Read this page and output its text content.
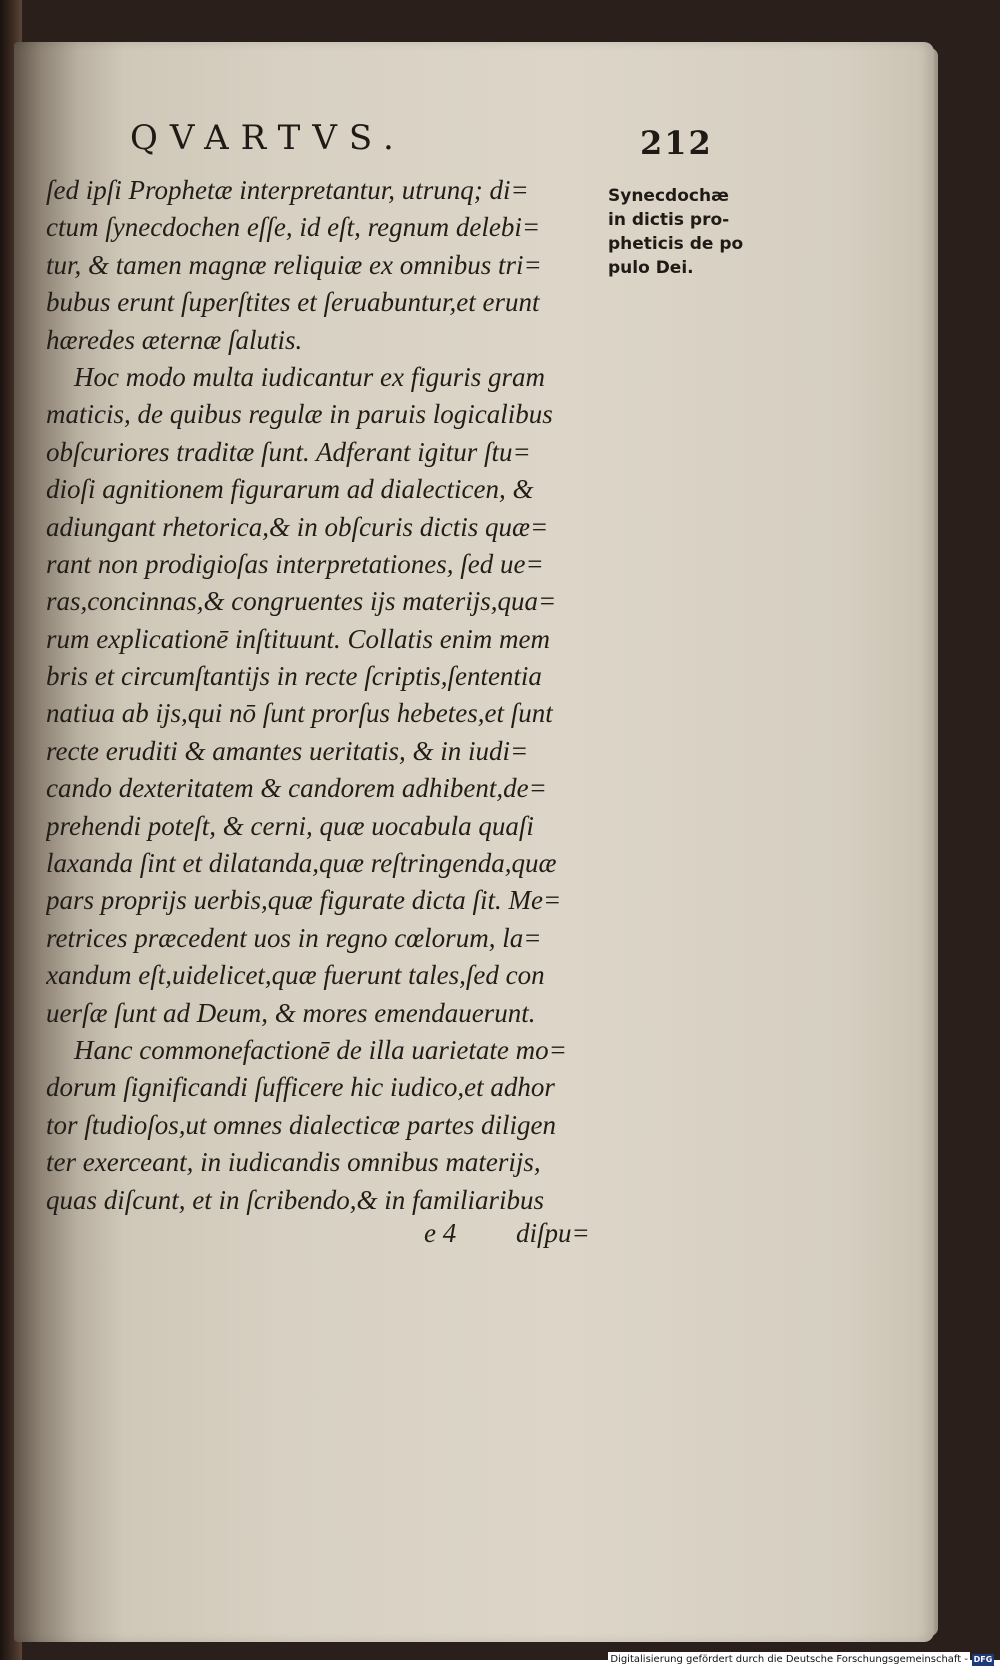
QVARTVS.	212
ſed ipſi Prophetæ interpretantur, utrunq; di=
ctum ſynecdochen eſſe, id eſt, regnum delebi=
tur, & tamen magnæ reliquiæ ex omnibus tri=
bubus erunt ſuperſtites et ſeruabuntur,et erunt
hæredes æternæ ſalutis.
Hoc modo multa iudicantur ex figuris gram
maticis, de quibus regulæ in paruis logicalibus
obſcuriores traditæ ſunt. Adferant igitur ſtu=
dioſi agnitionem figurarum ad dialecticen, &
adiungant rhetorica,& in obſcuris dictis quæ=
rant non prodigioſas interpretationes, ſed ue=
ras,concinnas,& congruentes ijs materijs,qua=
rum explicationē inſtituunt. Collatis enim mem
bris et circumſtantijs in recte ſcriptis,ſententia
natiua ab ijs,qui nō ſunt prorſus hebetes,et ſunt
recte eruditi & amantes ueritatis, & in iudi=
cando dexteritatem & candorem adhibent,de=
prehendi poteſt, & cerni, quæ uocabula quaſi
laxanda ſint et dilatanda,quæ reſtringenda,quæ
pars proprijs uerbis,quæ figurate dicta ſit. Me=
retrices præcedent uos in regno cœlorum, la=
xandum eſt,uidelicet,quæ fuerunt tales,ſed con
uerſæ ſunt ad Deum, & mores emendauerunt.
Hanc commonefactionē de illa uarietate mo=
dorum ſignificandi ſufficere hic iudico,et adhor
tor ſtudioſos,ut omnes dialecticæ partes diligen
ter exerceant, in iudicandis omnibus materijs,
quas diſcunt, et in ſcribendo,& in familiaribus
e 4 diſpu=
Synecdochæ
in dictis pro-
pheticis de po
pulo Dei.
Digitalisierung gefördert durch die Deutsche Forschungsgemeinschaft - DFG
